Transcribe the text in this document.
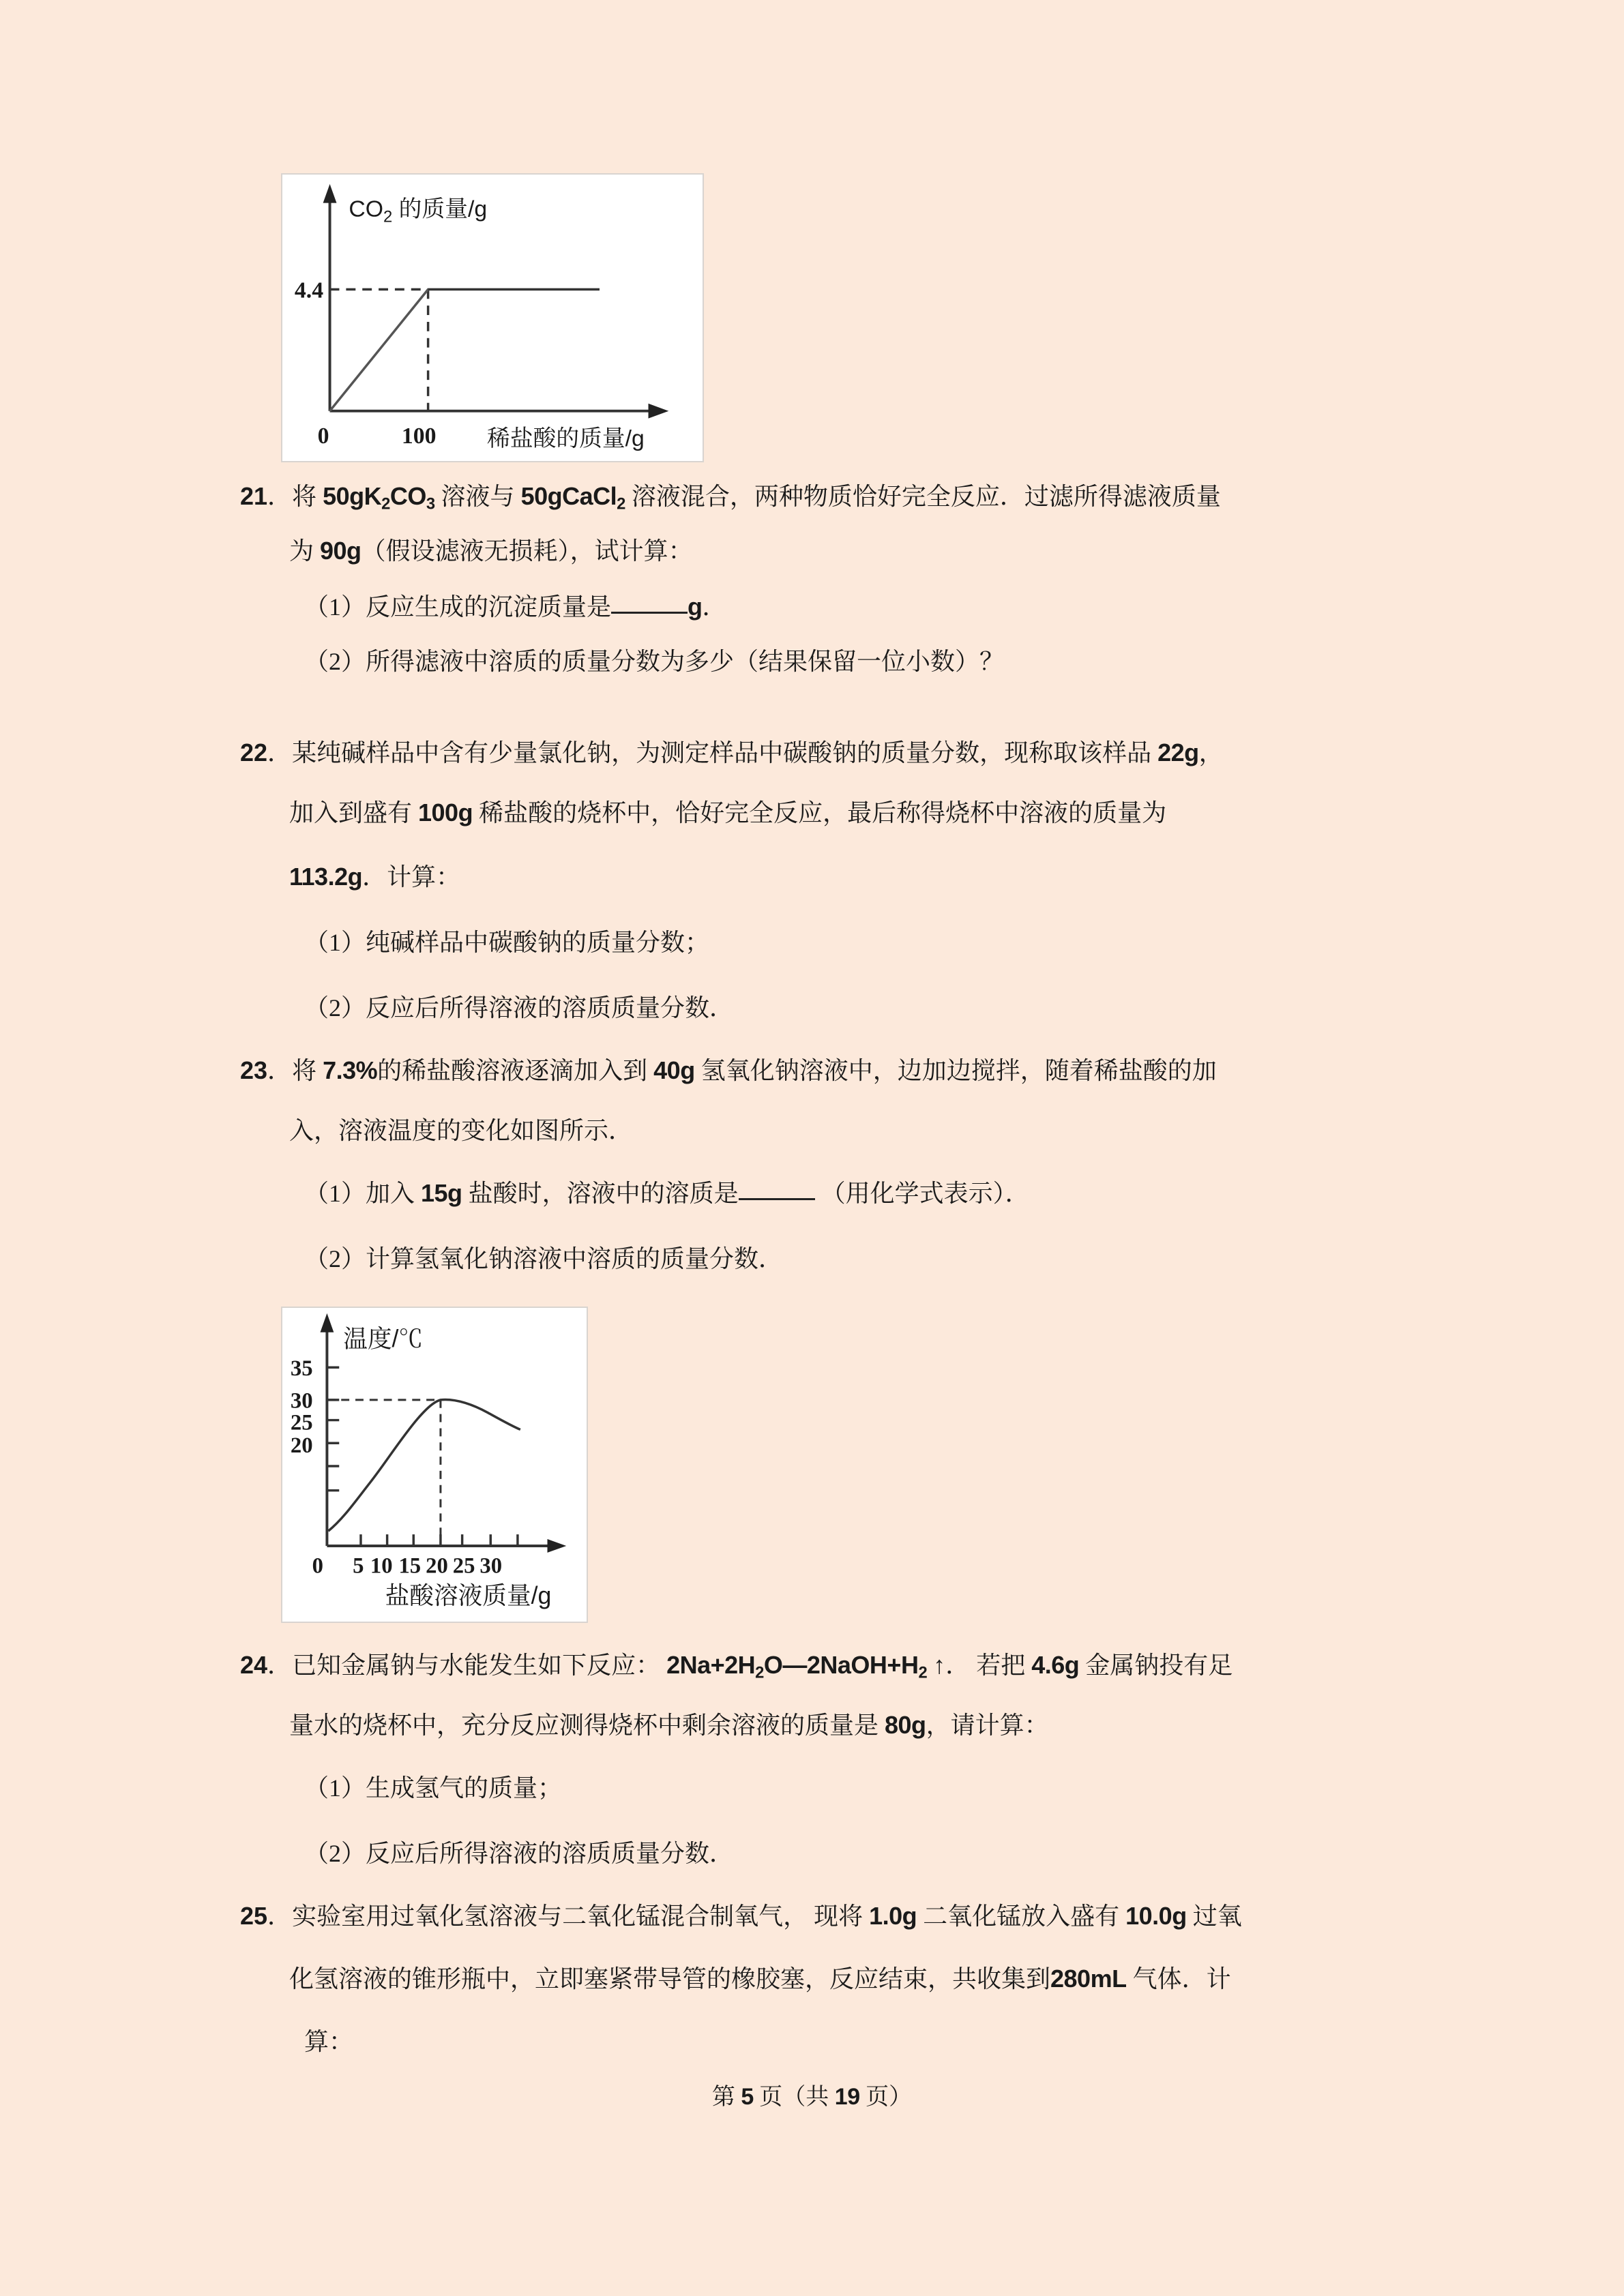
4.4
0	100
$CO_2$ 的质量/g
稀盐酸的质量/g
35
30
25
20
0 5 10 15 20 25 30
温度/℃
盐酸溶液质量/g
21．将 $50gK_2CO_3$ 溶液与 50gCaCl$_2$ 溶液混合，两种物质恰好完全反应．过滤所得滤液质量
为 90g（假设滤液无损耗），试计算：
（1）反应生成的沉淀质量是	g．
（2）所得滤液中溶质的质量分数为多少（结果保留一位小数）？
22．某纯碱样品中含有少量氯化钠，为测定样品中碳酸钠的质量分数，现称取该样品 22g，
加入到盛有 100g 稀盐酸的烧杯中，恰好完全反应，最后称得烧杯中溶液的质量为
113.2g．计算：
（1）纯碱样品中碳酸钠的质量分数；
（2）反应后所得溶液的溶质质量分数．
23．将 7.3%的稀盐酸溶液逐滴加入到 40g 氢氧化钠溶液中，边加边搅拌，随着稀盐酸的加
入，溶液温度的变化如图所示．
（1）加入 15g 盐酸时，溶液中的溶质是	（用化学式表示）．
（2）计算氢氧化钠溶液中溶质的质量分数．
24．已知金属钠与水能发生如下反应： $2Na+2H_2O—2NaOH+H_2$ ↑． 若把 4.6g 金属钠投有足
量水的烧杯中，充分反应测得烧杯中剩余溶液的质量是 80g，请计算：
（1）生成氢气的质量；
（2）反应后所得溶液的溶质质量分数．
25．实验室用过氧化氢溶液与二氧化锰混合制氧气， 现将 1.0g 二氧化锰放入盛有 10.0g 过氧
化氢溶液的锥形瓶中，立即塞紧带导管的橡胶塞，反应结束，共收集到280mL 气体．计
算：
第 5 页（共 19 页）
